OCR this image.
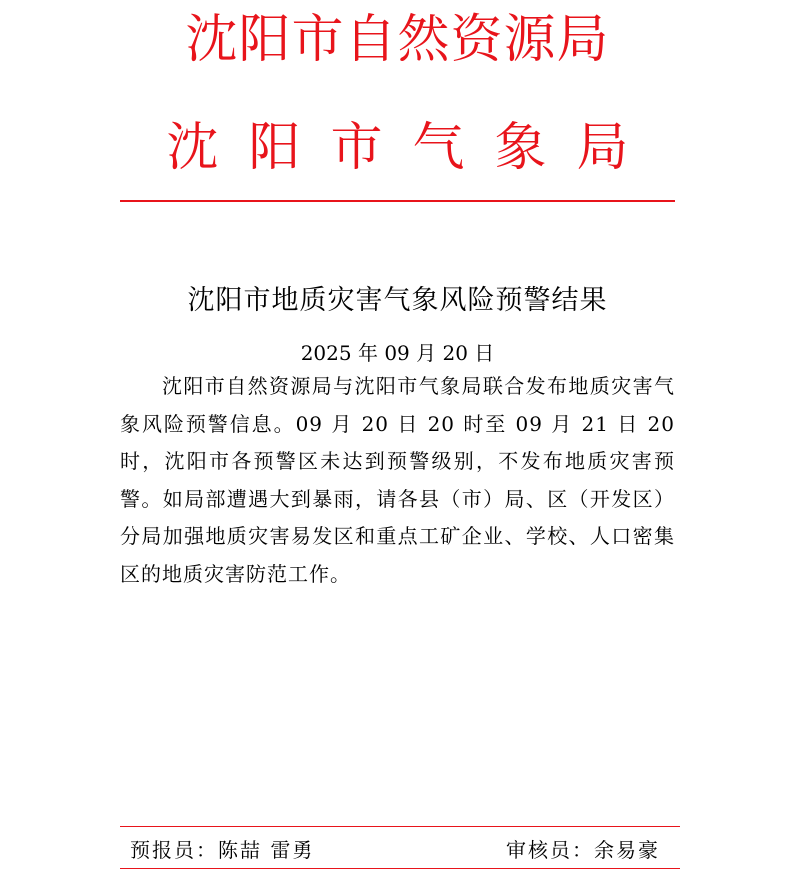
沈阳市自然资源局
沈阳市气象局
沈阳市地质灾害气象风险预警结果
2025 年 09 月 20 日
沈阳市自然资源局与沈阳市气象局联合发布地质灾害气象风险预警信息。09 月 20 日 20 时至 09 月 21 日 20 时，沈阳市各预警区未达到预警级别，不发布地质灾害预警。如局部遭遇大到暴雨，请各县（市）局、区（开发区）分局加强地质灾害易发区和重点工矿企业、学校、人口密集区的地质灾害防范工作。
预报员：陈喆 雷勇	审核员：余易豪
